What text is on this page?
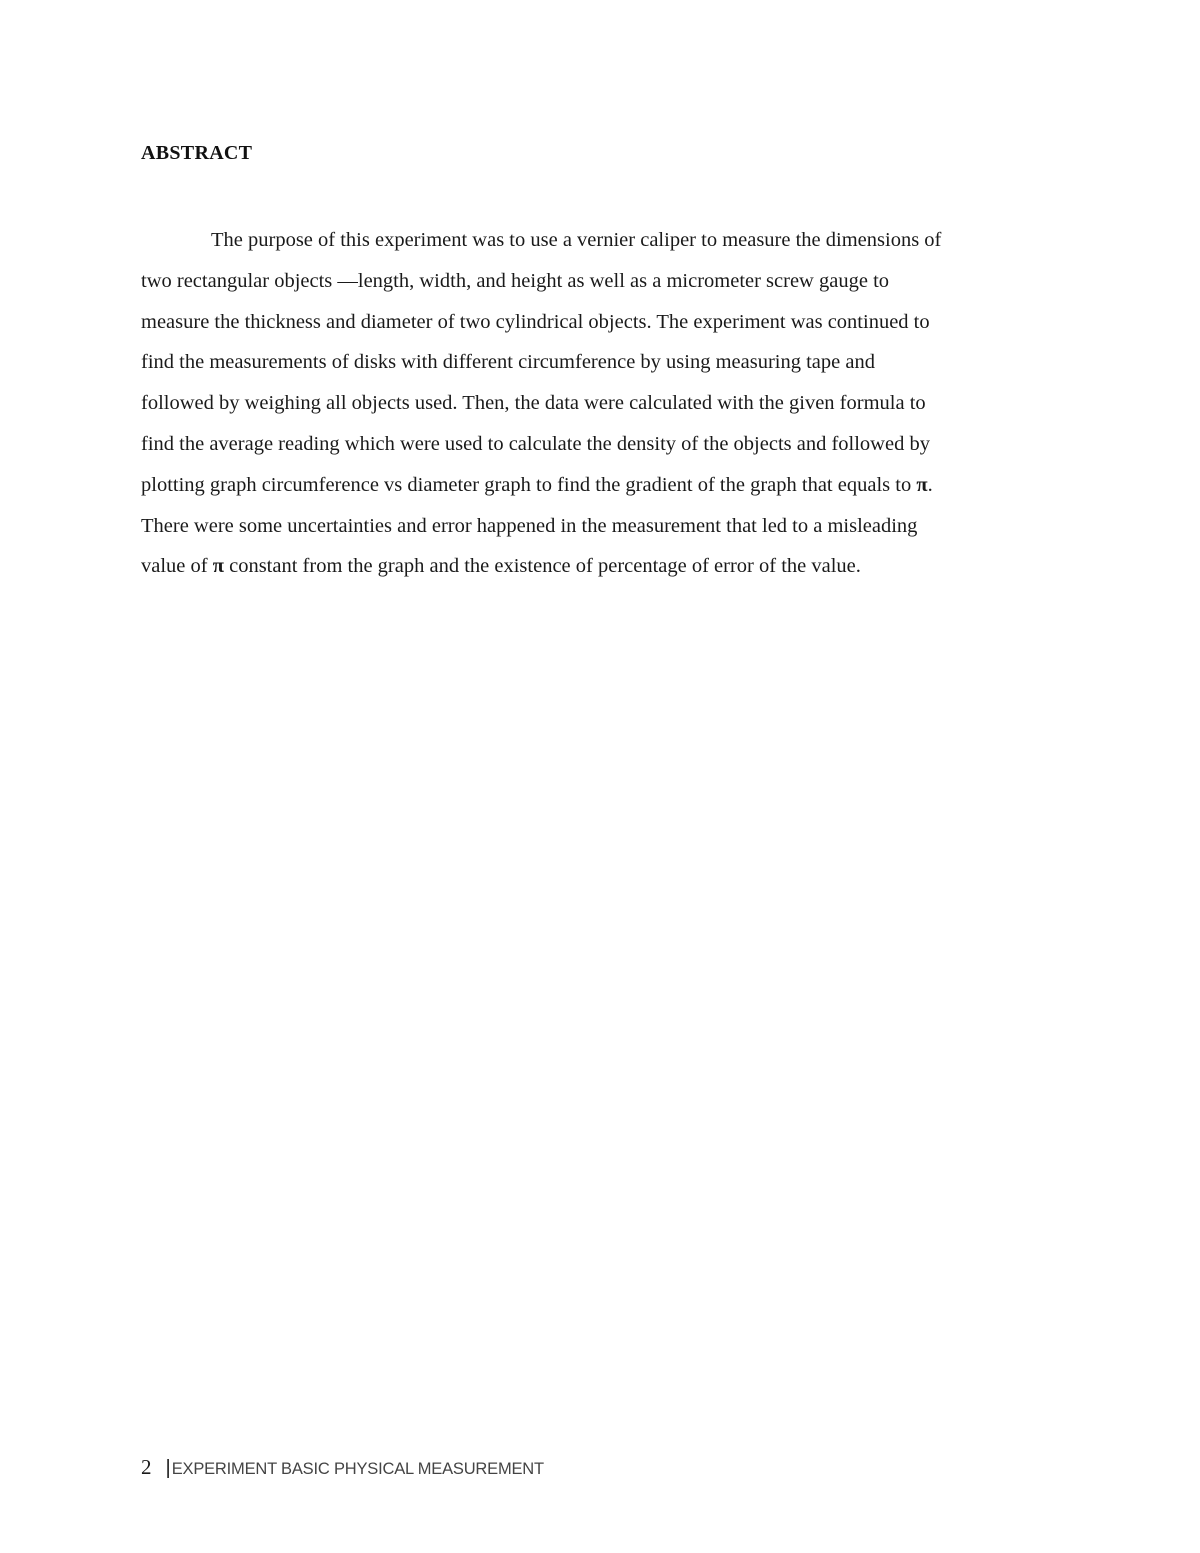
ABSTRACT
The purpose of this experiment was to use a vernier caliper to measure the dimensions of
two rectangular objects —length, width, and height as well as a micrometer screw gauge to
measure the thickness and diameter of two cylindrical objects. The experiment was continued to
find the measurements of disks with different circumference by using measuring tape and
followed by weighing all objects used. Then, the data were calculated with the given formula to
find the average reading which were used to calculate the density of the objects and followed by
plotting graph circumference vs diameter graph to find the gradient of the graph that equals to π.
There were some uncertainties and error happened in the measurement that led to a misleading
value of π constant from the graph and the existence of percentage of error of the value.
2 |EXPERIMENT BASIC PHYSICAL MEASUREMENT
